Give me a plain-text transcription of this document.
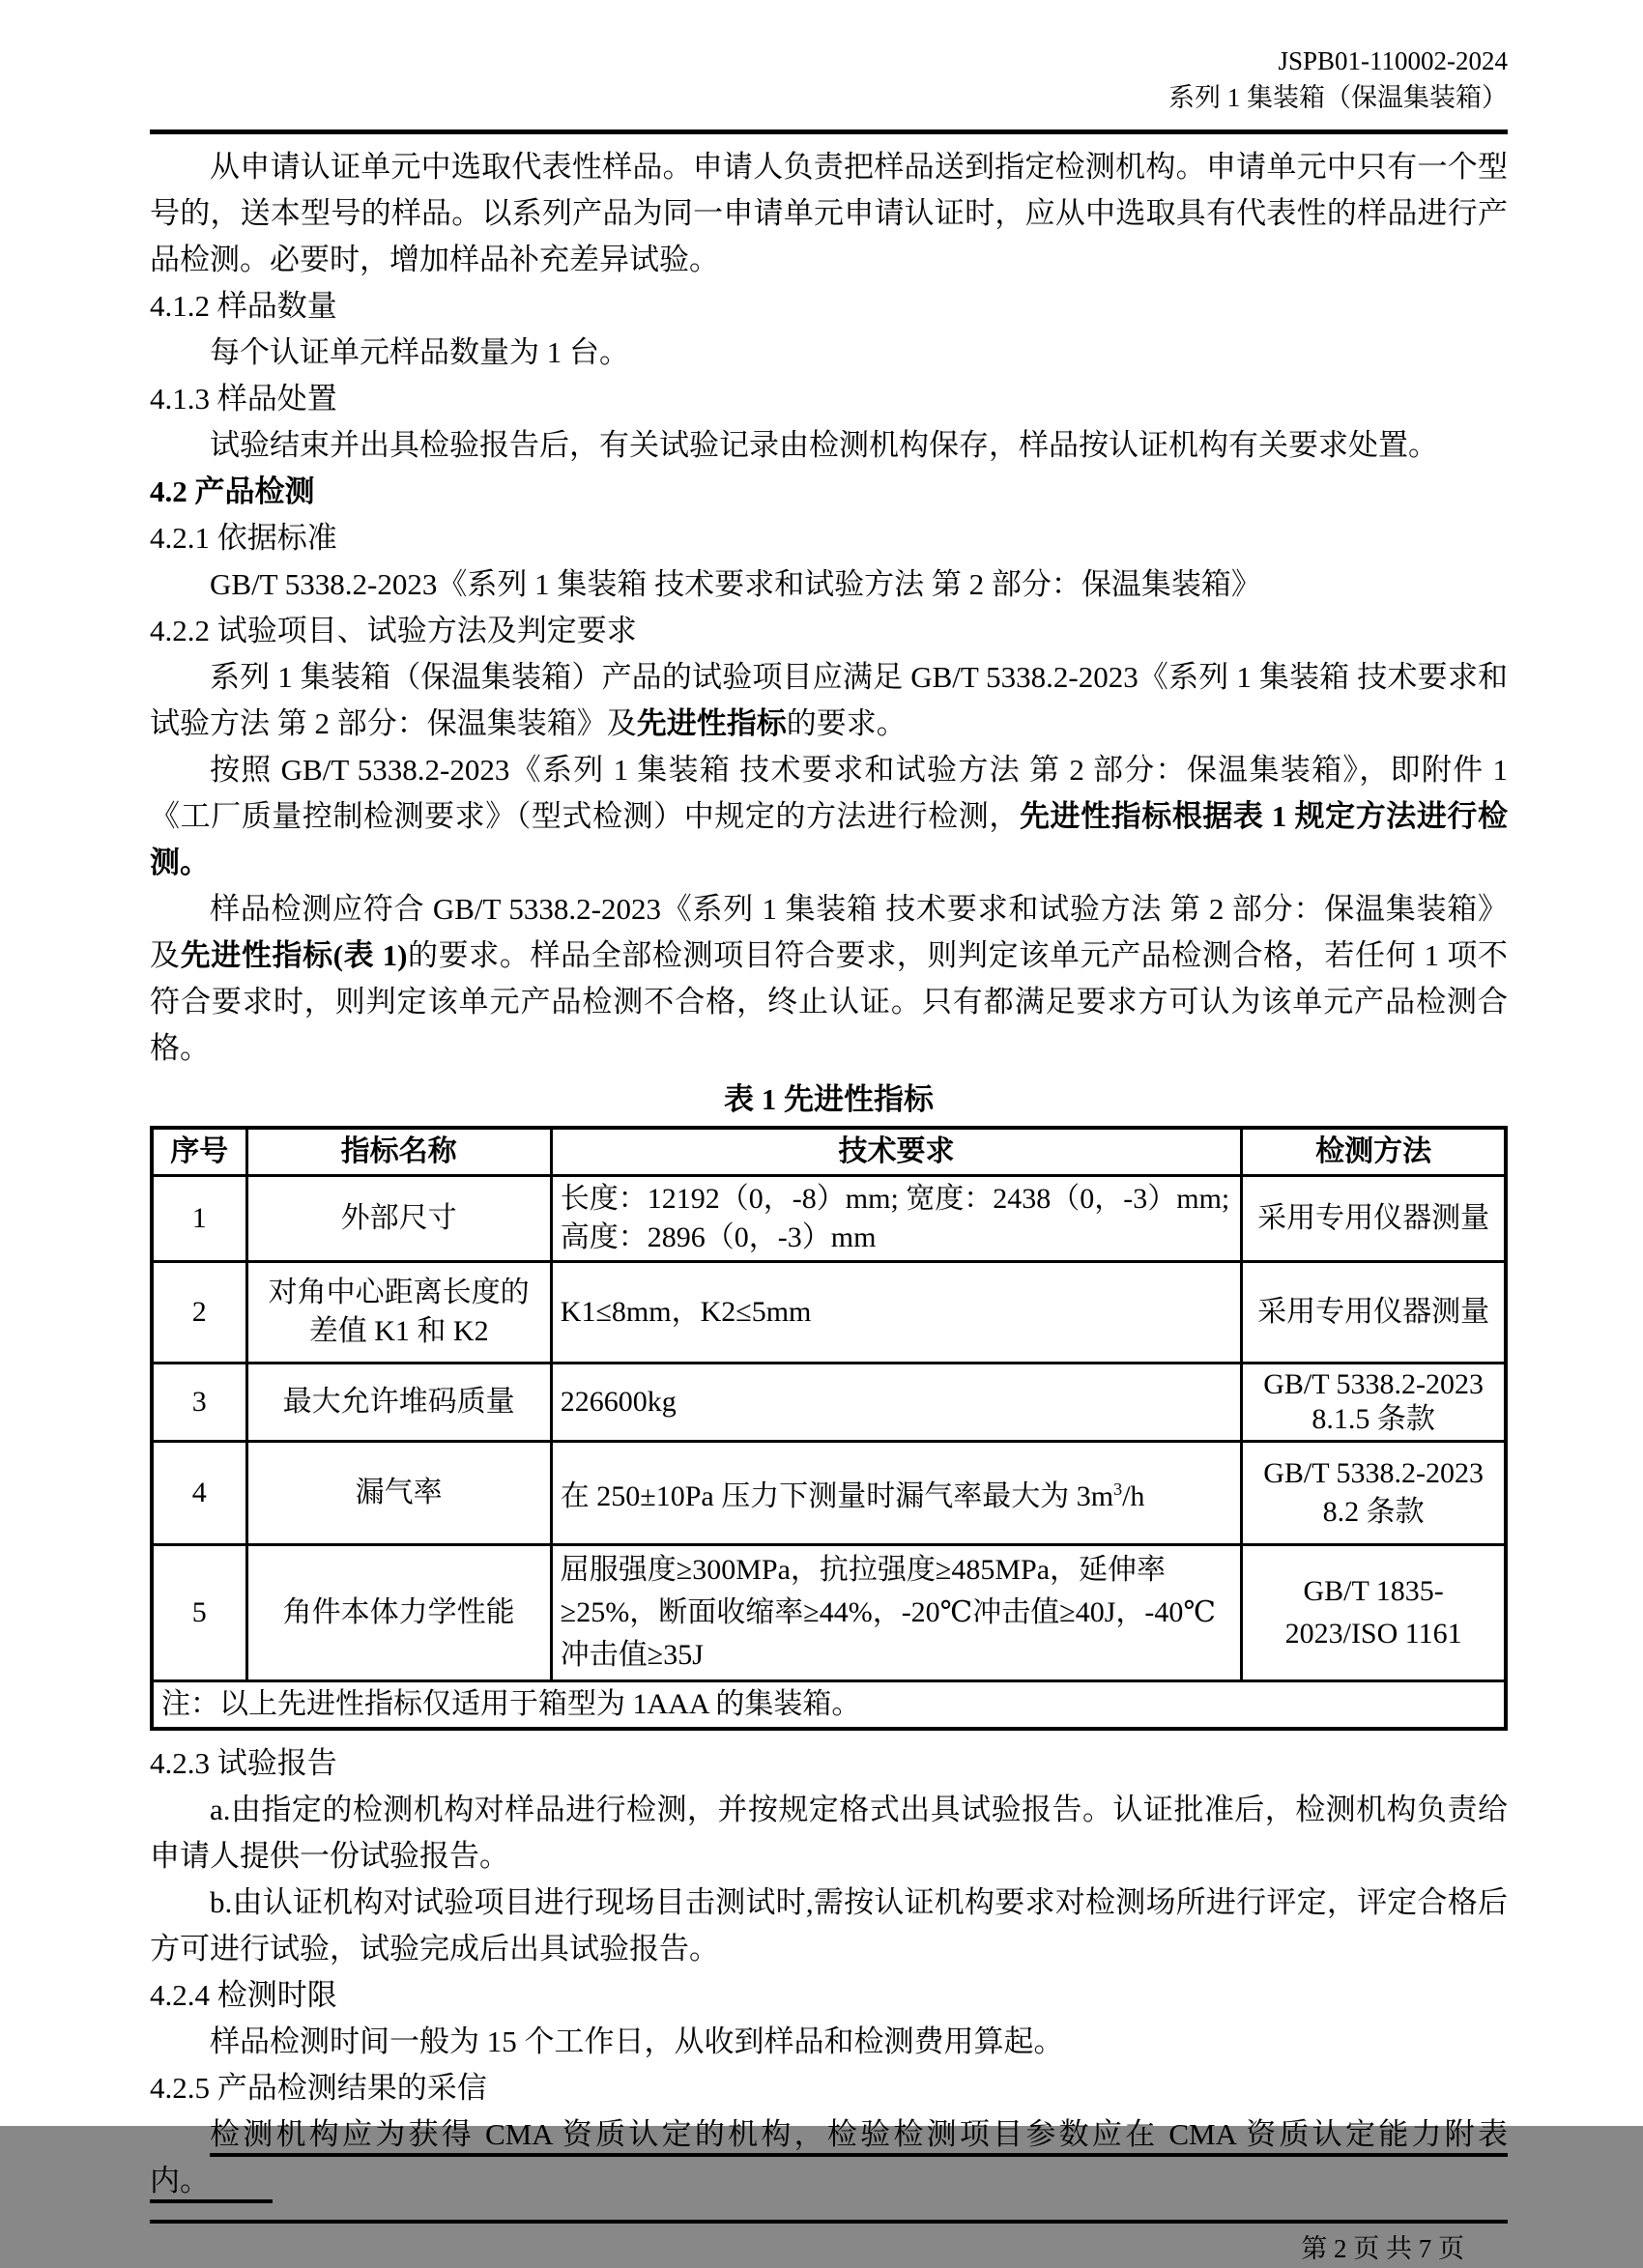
JSPB01-110002-2024
系列 1 集装箱（保温集装箱）

从申请认证单元中选取代表性样品。申请人负责把样品送到指定检测机构。申请单元中只有一个型号的，送本型号的样品。以系列产品为同一申请单元申请认证时，应从中选取具有代表性的样品进行产品检测。必要时，增加样品补充差异试验。

4.1.2 样品数量

每个认证单元样品数量为 1 台。

4.1.3 样品处置

试验结束并出具检验报告后，有关试验记录由检测机构保存，样品按认证机构有关要求处置。

4.2 产品检测

4.2.1 依据标准

GB/T 5338.2-2023《系列 1 集装箱 技术要求和试验方法 第 2 部分：保温集装箱》

4.2.2 试验项目、试验方法及判定要求

系列 1 集装箱（保温集装箱）产品的试验项目应满足 GB/T 5338.2-2023《系列 1 集装箱 技术要求和试验方法 第 2 部分：保温集装箱》及先进性指标的要求。

按照 GB/T 5338.2-2023《系列 1 集装箱 技术要求和试验方法 第 2 部分：保温集装箱》，即附件 1《工厂质量控制检测要求》（型式检测）中规定的方法进行检测，先进性指标根据表 1 规定方法进行检测。

样品检测应符合 GB/T 5338.2-2023《系列 1 集装箱 技术要求和试验方法 第 2 部分：保温集装箱》及先进性指标(表 1)的要求。样品全部检测项目符合要求，则判定该单元产品检测合格，若任何 1 项不符合要求时，则判定该单元产品检测不合格，终止认证。只有都满足要求方可认为该单元产品检测合格。

表 1 先进性指标
序号	指标名称	技术要求	检测方法
1	外部尺寸	长度：12192（0，-8）mm; 宽度：2438（0，-3）mm; 高度：2896（0，-3）mm	采用专用仪器测量
2	对角中心距离长度的差值 K1 和 K2	K1≤8mm，K2≤5mm	采用专用仪器测量
3	最大允许堆码质量	226600kg	GB/T 5338.2-2023 8.1.5 条款
4	漏气率	在 250±10Pa 压力下测量时漏气率最大为 $3m^3/h$	GB/T 5338.2-2023 8.2 条款
5	角件本体力学性能	屈服强度≥300MPa，抗拉强度≥485MPa，延伸率≥25%，断面收缩率≥44%，-20℃冲击值≥40J，-40℃冲击值≥35J	GB/T 1835-2023/ISO 1161
注：以上先进性指标仅适用于箱型为 1AAA 的集装箱。			

4.2.3 试验报告

a.由指定的检测机构对样品进行检测，并按规定格式出具试验报告。认证批准后，检测机构负责给申请人提供一份试验报告。

b.由认证机构对试验项目进行现场目击测试时,需按认证机构要求对检测场所进行评定，评定合格后方可进行试验，试验完成后出具试验报告。

4.2.4 检测时限

样品检测时间一般为 15 个工作日，从收到样品和检测费用算起。

4.2.5 产品检测结果的采信

检测机构应为获得 CMA 资质认定的机构，检验检测项目参数应在 CMA 资质认定能力附表内。

第 2 页 共 7 页
